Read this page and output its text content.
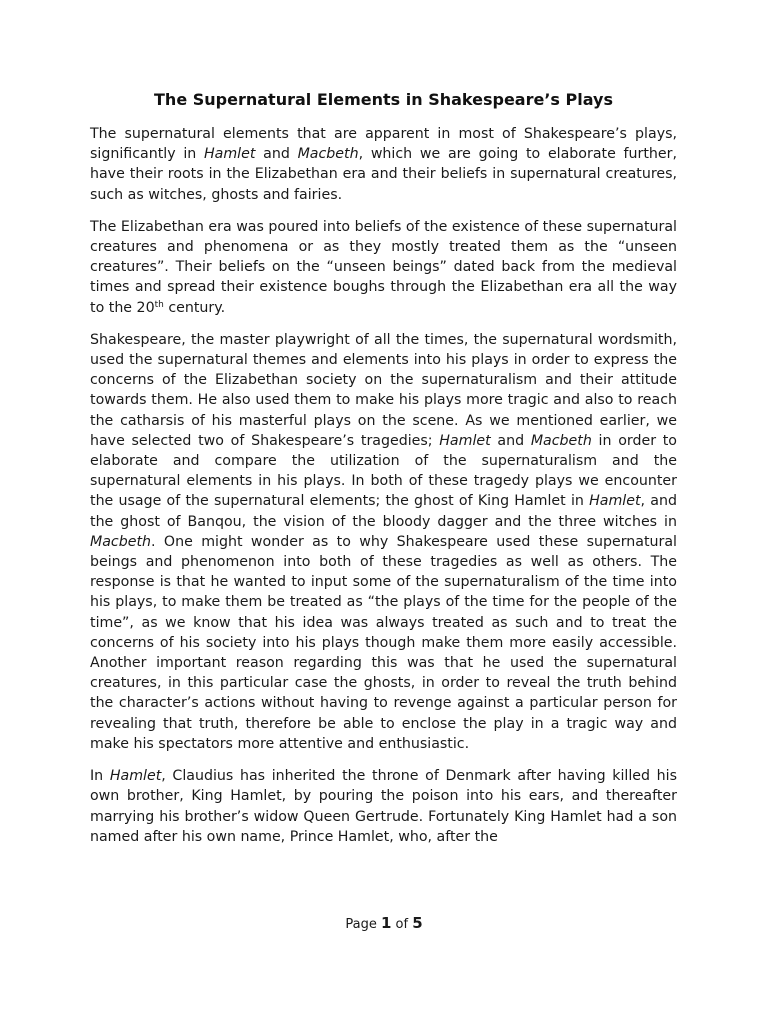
The Supernatural Elements in Shakespeare’s Plays

The supernatural elements that are apparent in most of Shakespeare’s plays, significantly in Hamlet and Macbeth, which we are going to elaborate further, have their roots in the Elizabethan era and their beliefs in supernatural creatures, such as witches, ghosts and fairies.

The Elizabethan era was poured into beliefs of the existence of these supernatural creatures and phenomena or as they mostly treated them as the “unseen creatures”. Their beliefs on the “unseen beings” dated back from the medieval times and spread their existence boughs through the Elizabethan era all the way to the 20th century.

Shakespeare, the master playwright of all the times, the supernatural wordsmith, used the supernatural themes and elements into his plays in order to express the concerns of the Elizabethan society on the supernaturalism and their attitude towards them. He also used them to make his plays more tragic and also to reach the catharsis of his masterful plays on the scene. As we mentioned earlier, we have selected two of Shakespeare’s tragedies; Hamlet and Macbeth in order to elaborate and compare the utilization of the supernaturalism and the supernatural elements in his plays. In both of these tragedy plays we encounter the usage of the supernatural elements; the ghost of King Hamlet in Hamlet, and the ghost of Banqou, the vision of the bloody dagger and the three witches in Macbeth. One might wonder as to why Shakespeare used these supernatural beings and phenomenon into both of these tragedies as well as others. The response is that he wanted to input some of the supernaturalism of the time into his plays, to make them be treated as “the plays of the time for the people of the time”, as we know that his idea was always treated as such and to treat the concerns of his society into his plays though make them more easily accessible. Another important reason regarding this was that he used the supernatural creatures, in this particular case the ghosts, in order to reveal the truth behind the character’s actions without having to revenge against a particular person for revealing that truth, therefore be able to enclose the play in a tragic way and make his spectators more attentive and enthusiastic.

In Hamlet, Claudius has inherited the throne of Denmark after having killed his own brother, King Hamlet, by pouring the poison into his ears, and thereafter marrying his brother’s widow Queen Gertrude. Fortunately King Hamlet had a son named after his own name, Prince Hamlet, who, after the

Page 1 of 5
